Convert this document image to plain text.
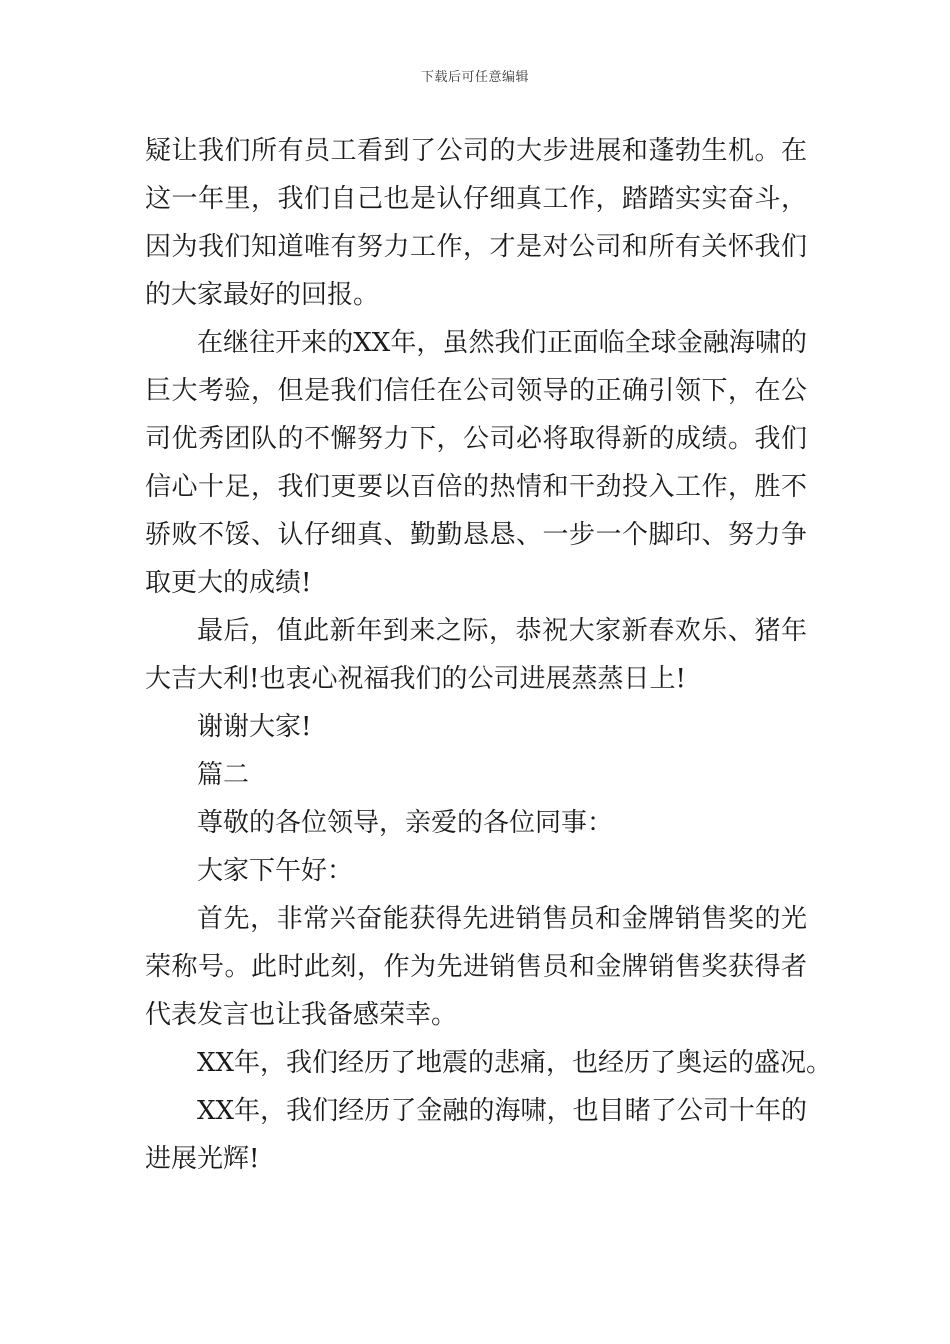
下载后可任意编辑
疑让我们所有员工看到了公司的大步进展和蓬勃生机。在
这一年里，我们自己也是认仔细真工作，踏踏实实奋斗，
因为我们知道唯有努力工作，才是对公司和所有关怀我们
的大家最好的回报。
在继往开来的XX年，虽然我们正面临全球金融海啸的
巨大考验，但是我们信任在公司领导的正确引领下，在公
司优秀团队的不懈努力下，公司必将取得新的成绩。我们
信心十足，我们更要以百倍的热情和干劲投入工作，胜不
骄败不馁、认仔细真、勤勤恳恳、一步一个脚印、努力争
取更大的成绩!
最后，值此新年到来之际，恭祝大家新春欢乐、猪年
大吉大利!也衷心祝福我们的公司进展蒸蒸日上!
谢谢大家!
篇二
尊敬的各位领导，亲爱的各位同事：
大家下午好：
首先，非常兴奋能获得先进销售员和金牌销售奖的光
荣称号。此时此刻，作为先进销售员和金牌销售奖获得者
代表发言也让我备感荣幸。
XX年，我们经历了地震的悲痛，也经历了奥运的盛况。
XX年，我们经历了金融的海啸，也目睹了公司十年的
进展光辉!
